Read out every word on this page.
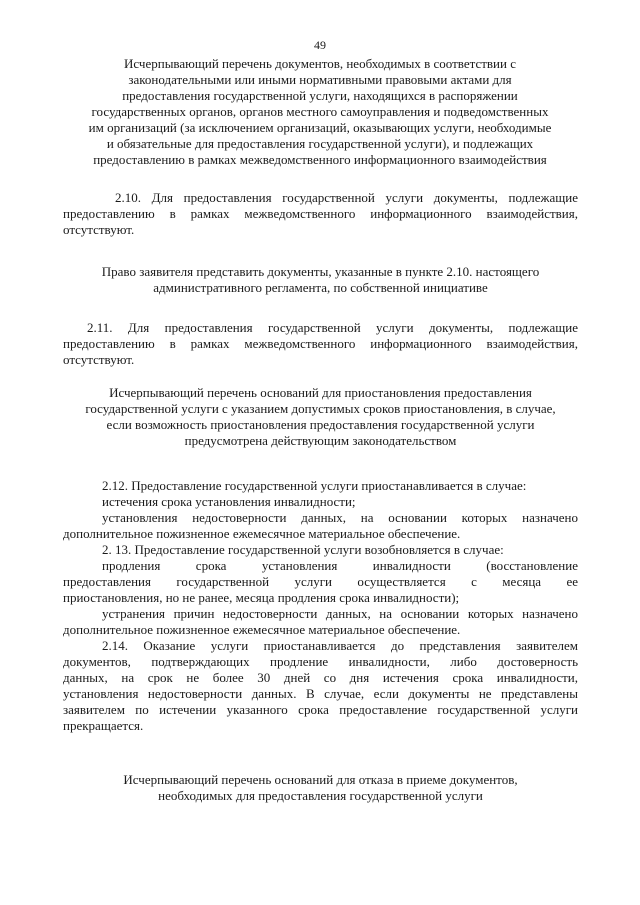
49
Исчерпывающий перечень документов, необходимых в соответствии с
законодательными или иными нормативными правовыми актами для
предоставления государственной услуги, находящихся в распоряжении
государственных органов, органов местного самоуправления и подведомственных
им организаций (за исключением организаций, оказывающих услуги, необходимые
и обязательные для предоставления государственной услуги), и подлежащих
предоставлению в рамках межведомственного информационного взаимодействия
2.10. Для предоставления государственной услуги документы, подлежащие
предоставлению в рамках межведомственного информационного взаимодействия,
отсутствуют.
Право заявителя представить документы, указанные в пункте 2.10. настоящего
административного регламента, по собственной инициативе
2.11. Для предоставления государственной услуги документы, подлежащие
предоставлению в рамках межведомственного информационного взаимодействия,
отсутствуют.
Исчерпывающий перечень оснований для приостановления предоставления
государственной услуги с указанием допустимых сроков приостановления, в случае,
если возможность приостановления предоставления государственной услуги
предусмотрена действующим законодательством
2.12. Предоставление государственной услуги приостанавливается в случае:
истечения срока установления инвалидности;
установления недостоверности данных, на основании которых назначено
дополнительное пожизненное ежемесячное материальное обеспечение.
2. 13. Предоставление государственной услуги возобновляется в случае:
продления срока установления инвалидности (восстановление
предоставления государственной услуги осуществляется с месяца ее
приостановления, но не ранее, месяца продления срока инвалидности);
устранения причин недостоверности данных, на основании которых назначено
дополнительное пожизненное ежемесячное материальное обеспечение.
2.14. Оказание услуги приостанавливается до представления заявителем
документов, подтверждающих продление инвалидности, либо достоверность
данных, на срок не более 30 дней со дня истечения срока инвалидности,
установления недостоверности данных. В случае, если документы не представлены
заявителем по истечении указанного срока предоставление государственной услуги
прекращается.
Исчерпывающий перечень оснований для отказа в приеме документов,
необходимых для предоставления государственной услуги
